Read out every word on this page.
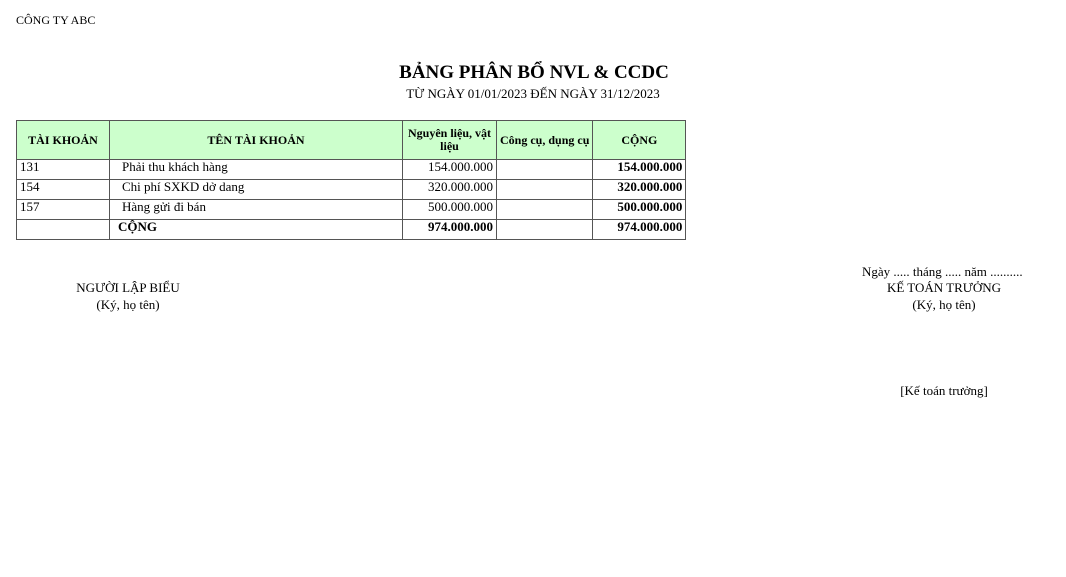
CÔNG TY ABC
BẢNG PHÂN BỔ NVL & CCDC
TỪ NGÀY 01/01/2023 ĐẾN NGÀY 31/12/2023
TÀI KHOẢN	TÊN TÀI KHOẢN	Nguyên liệu, vật liệu	Công cụ, dụng cụ	CỘNG
131	Phải thu khách hàng	154.000.000		154.000.000
154	Chi phí SXKD dở dang	320.000.000		320.000.000
157	Hàng gửi đi bán	500.000.000		500.000.000
	CỘNG	974.000.000		974.000.000
Ngày ..... tháng ..... năm ..........
NGƯỜI LẬP BIỂU
(Ký, họ tên)
KẾ TOÁN TRƯỞNG
(Ký, họ tên)
[Kế toán trưởng]
